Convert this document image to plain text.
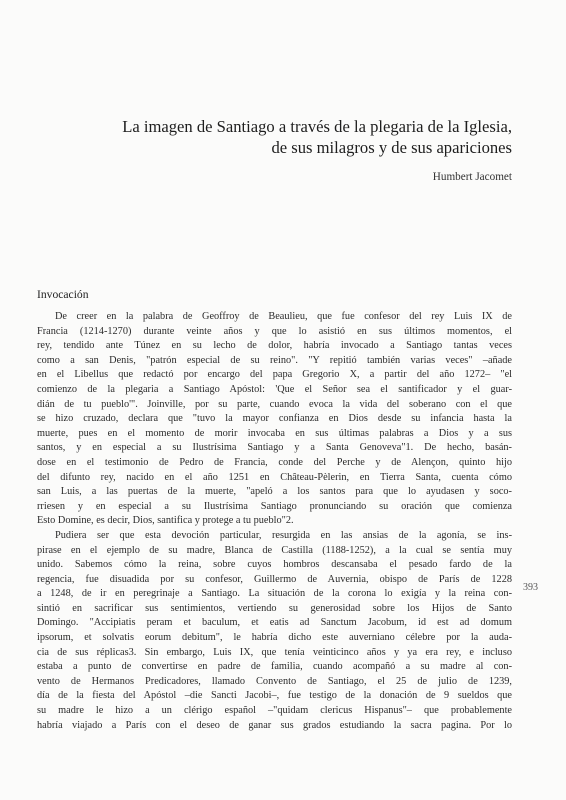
La imagen de Santiago a través de la plegaria de la Iglesia,
de sus milagros y de sus apariciones
Humbert Jacomet
Invocación
De creer en la palabra de Geoffroy de Beaulieu, que fue confesor del rey Luis IX de
Francia (1214-1270) durante veinte años y que lo asistió en sus últimos momentos, el
rey, tendido ante Túnez en su lecho de dolor, habría invocado a Santiago tantas veces
como a san Denis, "patrón especial de su reino". "Y repitió también varias veces" –añade
en el Libellus que redactó por encargo del papa Gregorio X, a partir del año 1272– "el
comienzo de la plegaria a Santiago Apóstol: 'Que el Señor sea el santificador y el guar-
dián de tu pueblo'". Joinville, por su parte, cuando evoca la vida del soberano con el que
se hizo cruzado, declara que "tuvo la mayor confianza en Dios desde su infancia hasta la
muerte, pues en el momento de morir invocaba en sus últimas palabras a Dios y a sus
santos, y en especial a su Ilustrísima Santiago y a Santa Genoveva"1. De hecho, basán-
dose en el testimonio de Pedro de Francia, conde del Perche y de Alençon, quinto hijo
del difunto rey, nacido en el año 1251 en Château-Pèlerin, en Tierra Santa, cuenta cómo
san Luis, a las puertas de la muerte, "apeló a los santos para que lo ayudasen y soco-
rriesen y en especial a su Ilustrísima Santiago pronunciando su oración que comienza
Esto Domine, es decir, Dios, santifica y protege a tu pueblo"2.
Pudiera ser que esta devoción particular, resurgida en las ansias de la agonía, se ins-
pirase en el ejemplo de su madre, Blanca de Castilla (1188-1252), a la cual se sentía muy
unido. Sabemos cómo la reina, sobre cuyos hombros descansaba el pesado fardo de la
regencia, fue disuadida por su confesor, Guillermo de Auvernia, obispo de París de 1228
a 1248, de ir en peregrinaje a Santiago. La situación de la corona lo exigía y la reina con-
sintió en sacrificar sus sentimientos, vertiendo su generosidad sobre los Hijos de Santo
Domingo. "Accipiatis peram et baculum, et eatis ad Sanctum Jacobum, id est ad domum
ipsorum, et solvatis eorum debitum", le habría dicho este auverniano célebre por la auda-
cia de sus réplicas3. Sin embargo, Luis IX, que tenía veinticinco años y ya era rey, e incluso
estaba a punto de convertirse en padre de familia, cuando acompañó a su madre al con-
vento de Hermanos Predicadores, llamado Convento de Santiago, el 25 de julio de 1239,
día de la fiesta del Apóstol –die Sancti Jacobi–, fue testigo de la donación de 9 sueldos que
su madre le hizo a un clérigo español –"quidam clericus Hispanus"– que probablemente
habría viajado a París con el deseo de ganar sus grados estudiando la sacra pagina. Por lo
393
